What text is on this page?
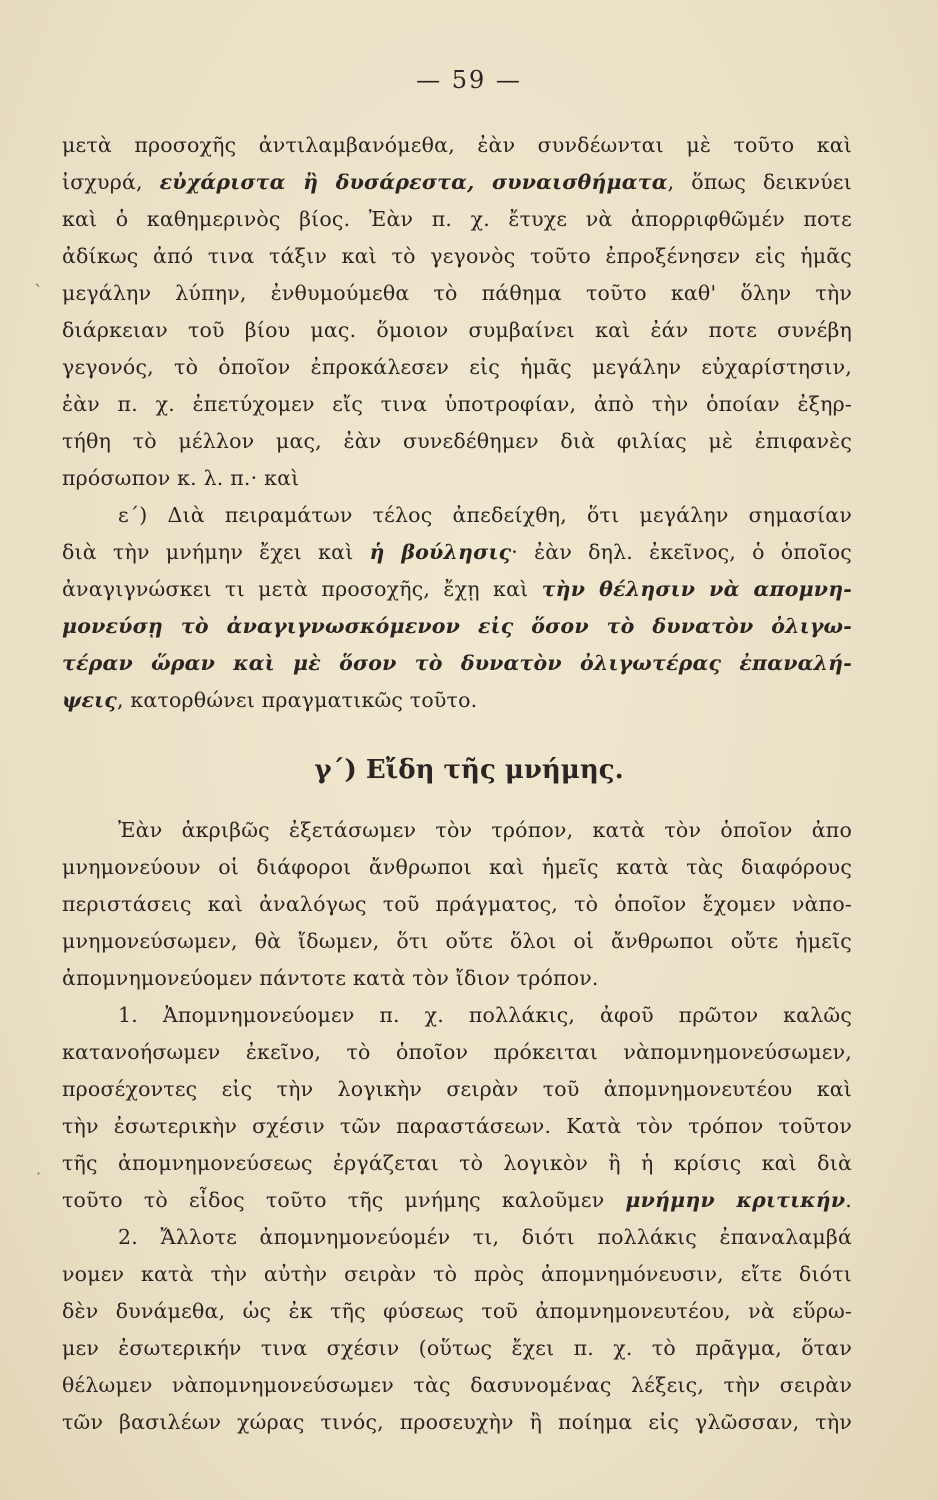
— 59 —
μετὰ προσοχῆς ἀντιλαμβανόμεθα, ἐὰν συνδέωνται μὲ τοῦτο καὶ
ἰσχυρά, εὐχάριστα ἢ δυσάρεστα, συναισθήματα, ὅπως δεικνύει
καὶ ὁ καθημερινὸς βίος. Ἐὰν π. χ. ἔτυχε νὰ ἀπορριφθῶμέν ποτε
ἀδίκως ἀπό τινα τάξιν καὶ τὸ γεγονὸς τοῦτο ἐπροξένησεν εἰς ἡμᾶς
μεγάλην λύπην, ἐνθυμούμεθα τὸ πάθημα τοῦτο καθ' ὅλην τὴν
διάρκειαν τοῦ βίου μας. ὅμοιον συμβαίνει καὶ ἐάν ποτε συνέβη
γεγονός, τὸ ὁποῖον ἐπροκάλεσεν εἰς ἡμᾶς μεγάλην εὐχαρίστησιν,
ἐὰν π. χ. ἐπετύχομεν εἴς τινα ὑποτροφίαν, ἀπὸ τὴν ὁποίαν ἐξηρ-
τήθη τὸ μέλλον μας, ἐὰν συνεδέθημεν διὰ φιλίας μὲ ἐπιφανὲς
πρόσωπον κ. λ. π.· καὶ
ε΄) Διὰ πειραμάτων τέλος ἀπεδείχθη, ὅτι μεγάλην σημασίαν
διὰ τὴν μνήμην ἔχει καὶ ἡ βούλησις· ἐὰν δηλ. ἐκεῖνος, ὁ ὁποῖος
ἀναγιγνώσκει τι μετὰ προσοχῆς, ἔχῃ καὶ τὴν θέλησιν νὰ απομνη-
μονεύσῃ τὸ ἀναγιγνωσκόμενον εἰς ὅσον τὸ δυνατὸν ὀλιγω-
τέραν ὥραν καὶ μὲ ὅσον τὸ δυνατὸν ὀλιγωτέρας ἐπαναλή-
ψεις, κατορθώνει πραγματικῶς τοῦτο.
γ΄) Εἴδη τῆς μνήμης.
Ἐὰν ἀκριβῶς ἐξετάσωμεν τὸν τρόπον, κατὰ τὸν ὁποῖον ἀπο
μνημονεύουν οἱ διάφοροι ἄνθρωποι καὶ ἡμεῖς κατὰ τὰς διαφόρους
περιστάσεις καὶ ἀναλόγως τοῦ πράγματος, τὸ ὁποῖον ἔχομεν νὰπο-
μνημονεύσωμεν, θὰ ἴδωμεν, ὅτι οὔτε ὅλοι οἱ ἄνθρωποι οὔτε ἡμεῖς
ἀπομνημονεύομεν πάντοτε κατὰ τὸν ἴδιον τρόπον.
1. Ἀπομνημονεύομεν π. χ. πολλάκις, ἀφοῦ πρῶτον καλῶς
κατανοήσωμεν ἐκεῖνο, τὸ ὁποῖον πρόκειται νὰπομνημονεύσωμεν,
προσέχοντες εἰς τὴν λογικὴν σειρὰν τοῦ ἀπομνημονευτέου καὶ
τὴν ἐσωτερικὴν σχέσιν τῶν παραστάσεων. Κατὰ τὸν τρόπον τοῦτον
τῆς ἀπομνημονεύσεως ἐργάζεται τὸ λογικὸν ἢ ἡ κρίσις καὶ διὰ
τοῦτο τὸ εἶδος τοῦτο τῆς μνήμης καλοῦμεν μνήμην κριτικήν.
2. Ἄλλοτε ἀπομνημονεύομέν τι, διότι πολλάκις ἐπαναλαμβά
νομεν κατὰ τὴν αὐτὴν σειρὰν τὸ πρὸς ἀπομνημόνευσιν, εἴτε διότι
δὲν δυνάμεθα, ὡς ἐκ τῆς φύσεως τοῦ ἀπομνημονευτέου, νὰ εὕρω-
μεν ἐσωτερικήν τινα σχέσιν (οὕτως ἔχει π. χ. τὸ πρᾶγμα, ὅταν
θέλωμεν νὰπομνημονεύσωμεν τὰς δασυνομένας λέξεις, τὴν σειρὰν
τῶν βασιλέων χώρας τινός, προσευχὴν ἢ ποίημα εἰς γλῶσσαν, τὴν
ˋ
˙
